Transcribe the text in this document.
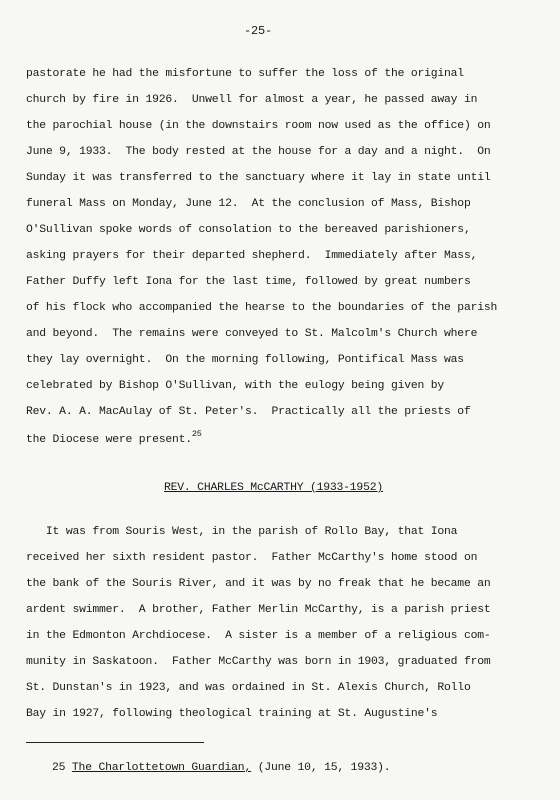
-25-
pastorate he had the misfortune to suffer the loss of the original
church by fire in 1926.  Unwell for almost a year, he passed away in
the parochial house (in the downstairs room now used as the office) on
June 9, 1933.  The body rested at the house for a day and a night.  On
Sunday it was transferred to the sanctuary where it lay in state until
funeral Mass on Monday, June 12.  At the conclusion of Mass, Bishop
O'Sullivan spoke words of consolation to the bereaved parishioners,
asking prayers for their departed shepherd.  Immediately after Mass,
Father Duffy left Iona for the last time, followed by great numbers
of his flock who accompanied the hearse to the boundaries of the parish
and beyond.  The remains were conveyed to St. Malcolm's Church where
they lay overnight.  On the morning following, Pontifical Mass was
celebrated by Bishop O'Sullivan, with the eulogy being given by
Rev. A. A. MacAulay of St. Peter's.  Practically all the priests of
the Diocese were present.$^{25}$
REV. CHARLES McCARTHY (1933-1952)
It was from Souris West, in the parish of Rollo Bay, that Iona
received her sixth resident pastor.  Father McCarthy's home stood on
the bank of the Souris River, and it was by no freak that he became an
ardent swimmer.  A brother, Father Merlin McCarthy, is a parish priest
in the Edmonton Archdiocese.  A sister is a member of a religious com-
munity in Saskatoon.  Father McCarthy was born in 1903, graduated from
St. Dunstan's in 1923, and was ordained in St. Alexis Church, Rollo
Bay in 1927, following theological training at St. Augustine's
25 The Charlottetown Guardian, (June 10, 15, 1933).
